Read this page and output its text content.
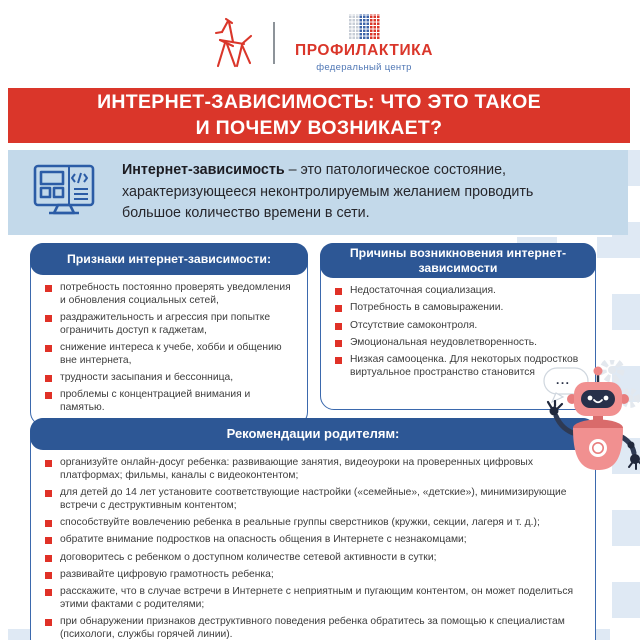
ПРОФИЛАКТИКА
федеральный центр
ИНТЕРНЕТ-ЗАВИСИМОСТЬ: ЧТО ЭТО ТАКОЕ
И ПОЧЕМУ ВОЗНИКАЕТ?
Интернет-зависимость – это патологическое состояние, характеризующееся неконтролируемым желанием проводить большое количество времени в сети.
Признаки интернет-зависимости:
потребность постоянно проверять уведомления и обновления социальных сетей,
раздражительность и агрессия при попытке ограничить доступ к гаджетам,
снижение интереса к учебе, хобби и общению вне интернета,
трудности засыпания и бессонница,
проблемы с концентрацией внимания и памятью.
Причины возникновения интернет-зависимости
Недостаточная социализация.
Потребность в самовыражении.
Отсутствие самоконтроля.
Эмоциональная неудовлетворенность.
Низкая самооценка. Для некоторых подростков виртуальное пространство становится
Рекомендации родителям:
организуйте онлайн-досуг ребенка: развивающие занятия, видеоуроки на проверенных цифровых платформах; фильмы, каналы с видеоконтентом;
для детей до 14 лет установите соответствующие настройки («семейные», «детские»), минимизирующие встречи с деструктивным контентом;
способствуйте вовлечению ребенка в реальные группы сверстников (кружки, секции, лагеря и т. д.);
обратите внимание подростков на опасность общения в Интернете с незнакомцами;
договоритесь с ребенком о доступном количестве сетевой активности в сутки;
развивайте цифровую грамотность ребенка;
расскажите, что в случае встречи в Интернете с неприятным и пугающим контентом, он может поделиться этими фактами с родителями;
при обнаружении признаков деструктивного поведения ребенка обратитесь за помощью к специалистам (психологи, службы горячей линии).
...
